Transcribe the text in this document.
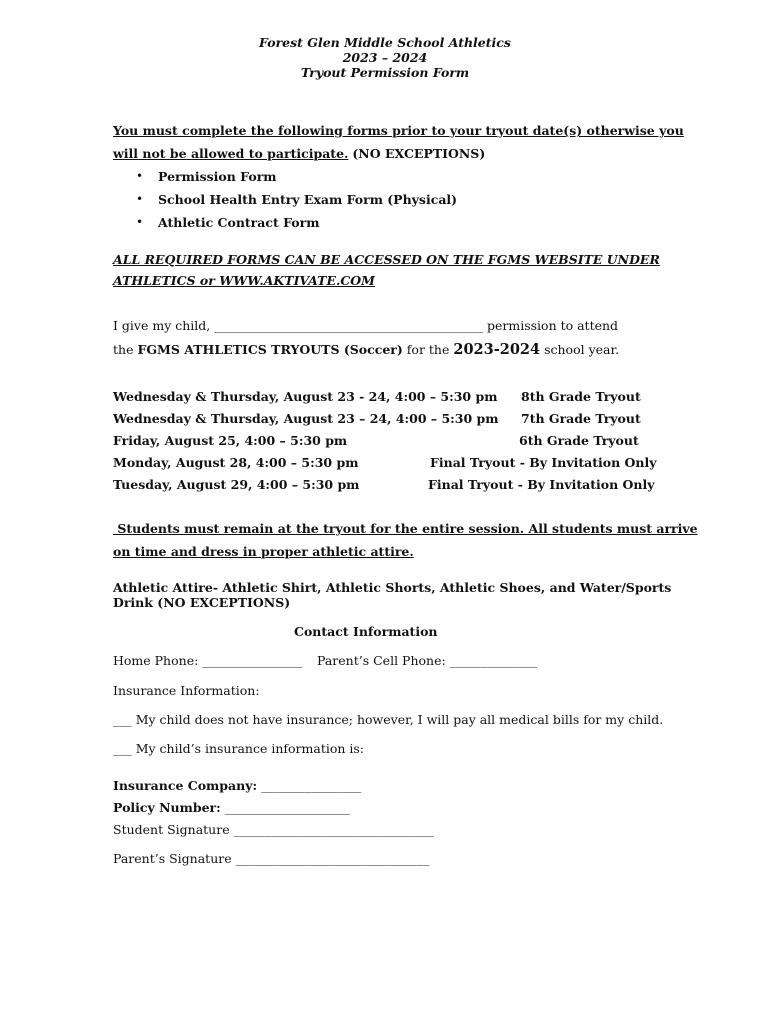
Forest Glen Middle School Athletics
2023 – 2024
Tryout Permission Form
You must complete the following forms prior to your tryout date(s) otherwise you
will not be allowed to participate. (NO EXCEPTIONS)
• Permission Form
• School Health Entry Exam Form (Physical)
• Athletic Contract Form
ALL REQUIRED FORMS CAN BE ACCESSED ON THE FGMS WEBSITE UNDER
ATHLETICS or WWW.AKTIVATE.COM
I give my child, ___________________________________________ permission to attend
the FGMS ATHLETICS TRYOUTS (Soccer) for the 2023-2024 school year.
Wednesday & Thursday, August 23 - 24, 4:00 – 5:30 pm 8th Grade Tryout
Wednesday & Thursday, August 23 – 24, 4:00 – 5:30 pm 7th Grade Tryout
Friday, August 25, 4:00 – 5:30 pm	6th Grade Tryout
Monday, August 28, 4:00 – 5:30 pm	Final Tryout - By Invitation Only
Tuesday, August 29, 4:00 – 5:30 pm	Final Tryout - By Invitation Only
Students must remain at the tryout for the entire session. All students must arrive
on time and dress in proper athletic attire.
Athletic Attire- Athletic Shirt, Athletic Shorts, Athletic Shoes, and Water/Sports
Drink (NO EXCEPTIONS)
Contact Information
Home Phone: ________________ Parent’s Cell Phone: ______________
Insurance Information:
___ My child does not have insurance; however, I will pay all medical bills for my child.
___ My child’s insurance information is:
Insurance Company: ________________
Policy Number: ____________________
Student Signature ________________________________
Parent’s Signature _______________________________
